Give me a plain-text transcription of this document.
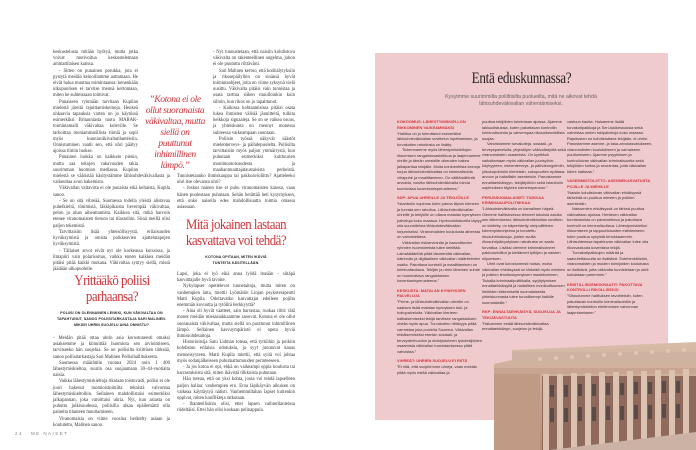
keskustelusta mitään hyötyä, mutta jotka voivat motivoitua keskustelemaan ammattilaisen kanssa.

- Sitten on punainen porukka, jota ei pystytä meidän keinoillamme auttamaan. He eivät halua muuttaa toimintaansa: kenenkään ulkopuolisen ei tarvitse mennä kertomaan, miten he suhteissaan toimivat.

Punaiseen ryhmään tarvitaan Kupilan mielestä järeitä rajoittamiskeinoja. Henkeä uhkaavia tapauksia varten on jo käytössä esimerkiksi Britanniasta tuotu MARAK-toimintamalli väkivaltaa koleville. Se tarkoittaa moniammatillista tiimiä ja sopii myös kunniaväkivaltatilanteisiin. Onnistuminen vaatii sen, että uhri päätyy ajoissa tiimin luokse.

Punainen luokka on kaikkein pienin, mutta saa tekojen vakavuuden takia suurimman huomion mediassa. Kupilan mielestä se vääristää käsitystämme lähisuhdeväkivallasta ja vaikeuttaa avun hakemista.

Väkivallan valtavirta ei ole punaista eikä keltaista, Kupila sanoo.

- Se on sitä vihreää, Suomessa todella yleistä alistavaa puhelkieltä, tönimistä, läkkipikaista lievempää väkivaltaa, pelon ja uhan aiheuttamista. Kaikkea sitä, mikä harvoin etenee viranomaisten tietoon tai tilastoihin. Siinä meillä olisi paljon tekemistä.

Tarvittaisiin lisää yhteisöllisyyttä, erilaisuuden hyväksymistä ja omista poikkeavien ajattelutapojen hyväksymistä.

- Tällaiset arvot eivät nyt ole korkeassa kurssissa, ja ilmapiiri vain polarisoituu, vaikka ennen kaikkea meidän pitäisi pitää kaikki mukana. Väkivaltaa syntyy siellä, missä jäädään ulkopuolelle.

- Nyt tunnustetaan, että naisiin kohdistuva väkivalta on rakenteellinen ongelma, johon ei ole puututtu riittävästi.

Sari Malinen kertoo, että kotihälytyksiin ja rikosepäilyihin on sinänsä hyvät toimintaohjeet, joita on viime syksynä vielä uusittu. Väkivalta pitäisi vain tunnistaa ja osata tarttua siihen muulloinkin kuin silloin, kun rikos on jo tapahtunut.

- Kaikissa kohtaamisissa pitäisi osata lukea ihmisten välisiä jännitteitä, tulkita heikkoja signaaleja. Se on se vaikea osuus, ja yhteiskunta on mennyt monessa suhteessa vaikeampaan suuntaan.

Poliisin työssä näkyvät säästöt mielenterveys- ja päihdepuolelta. Poliisilta tarvittaisiin myös paljon ymmärrystä, kun puhutaan esimerkiksi kulttuurien monimuotoisuudesta ja maahanmuuttajataustaisista perheistä. Tunnistetaanko ihmiskauppa tai pakkoavioliitto? Ajatteleeko uhri itse olevansa uhri?

- Joskus nainen itse ei puhu viranomaisten kanssa, vaan hänen puolestaan puhutaan. Sehän herättää heti kysymyksen, että onko naisella edes mahdollisuutta toimia omassa asiassaan.

”Kotona ei ole ollut suoranaista väkivaltaa, mutta siellä on puuttunut inhimillinen lämpö.”
Mitä jokainen lastaan kasvattava voi tehdä?
KOTONA OPITAAN, MITEN IKÄVIÄ TUNTEITA KÄSITELLÄÄN.

Lapsi, joka ei lyö eikä anna lyödä itseään - siitäpä kasvattajalle hyvä tavoite.

Nykylapset opettelevat tunnetaitoja, mutta miten on vanhempien laita, miettii Lyömätön Linjan psykoterapeutti Matti Kupila. Odottavatko kasvattajat edelleen pojilta enemmän kovuutta ja tytöiltä herkkyyttä?

- Aina oli hyvät vaatteet, sain harrastaa, ruokaa riitti: tätä monet meidän miesasiakkaamme sanovat. Kotona ei ole ollut suoranaista väkivaltaa, mutta siellä on puuttunut inhimillinen lämpö. Sellainen kasvuympäristö ei opeta hyviä ihmissuhdetaitoja.

Historioitsija Satu Lidman toteaa, että tyttöihin ja poikiin kohdistuu erilaisia odotuksia, ja syyt juontuvat kauas menneisyyteen. Matti Kupila miettii, että syitä voi johtaa myös sodanjälkeiseen puhumattomuuden perinteeseen.

- Ja jos kotoa ei opi, ehkä on vaikeampi oppia koulusta tai harrastuksista sitä, miten ikävistä tilkkoista puhutaan.

Hän toteaa, että on yksi kohta, jossa voi tehdä lapselleen paljon hallaa: vanhempien ero. Eroa läpikäyvän aikuisen on vaikeaa käyttäytyä nätisti. Vanhemmiltahan lapset kuitenkin oppivat, miten konflikteja ratkotaan.

- Ihanteellisinta olisi, ettei lapsen vaihtotilanteissa riideltäisi. Ettei hän olisi koskaan pelinappula.

Yrittääkö poliisi parhaansa?
POLIISI ON OLENNAINEN LENKKI, KUN VÄKIVALTAA ON TAPAHTUNUT, SANOO POLIISITARKASTAJA SARI MALINEN. MIKSEI UHRIN SUOJELU AINA ONNISTU?

- Meidän pitää ottaa uhrin asia korostuneesti omaksi asiaksemme ja kiinnittää huomiota sen arvioimiseen, tarvitseeko hän suojelua. Se on poliisilta kriittisen tärkeää, sanoo poliisitarkastaja Sari Malinen Poliisihallituksesta.

Suomessa määrättiin vuonna 2024 noin 1 400 lähestymiskieltoa, suurin osa suojaamaan 30–44-vuotiaita naisia.

Vaikka lähestymiskieltoja rikotaan toistuvasti, poliisi ei ole juuri hakenut tuomioistuimilta teknistä valvontaa lähestymiskieltoihin. Sellainen mahdollistaisi esimerkiksi jalkapannan, joka varoittaisi uhria. Nyt, kun asiasta on puhuttu julkisuudessa, poliisilla alkaa epäilemättä olla paineita tilanteen muuttamiseen.

Viranomaisia on viime vuosina herätelty asiaan ja koulutettu, Malinen sanoo.

24 ME NAISET
Entä eduskunnassa?
Kysyimme suurimmilta poliittisilta puolueilta, mitä ne aikovat tehdä lähisuhdeväkivallan vähentämiseksi.
KOKOOMUS: LÄHESTYMISKIELLON RIKKOMINEN VAIKEAMMAKSI

”Hallitus on jo toteuttanut esimerkiksi lähisuhdeväkivallan sovittelun lopettamisen, ja turvakotien rahoitusta on lisätty.

Tiukennamme myös lähestymiskieltojen rikkomisen rangaistusasteikkoa ja laajennamme uhrille ja tämän omaisille oikeuden hakea jalkapantaa tekijälle. Muita konkreettisia keinoja torjua lähisuhdeväkivaltaa on kriminalisoida vihapuhe ja maalittaminen. On välttämätöntä arvioida, voisiko lähisuhdeväkivalta toimia tuomioissa koventamisperusteena.”

SDP: APUA UHREILLE JA TEKIJÖILLE

”Istanbulin sopimus tulee panna täysin toimeen ja turvata sen rahoitus. Lähisuhdeväkivallan uhreille ja tekijöille on oltava matalan kynnyksen palveluja koko maassa. Hyvinvointialueilla täytyy olla suunnitelma lähisuhdeväkivallan torjumiseksi. Viranomaisten koulutusta aiheesta on vahvistettava.

Väkivallan riskiarviointia ja haavoittuvien ryhmien huomioimista tulee kehittää. Lainsäädäntöä pitää täsmentää väkivallan, häirinnän ja digitaalisen väkivallan määritelmien osalta. Pakottava kontrolli ja maalittaminen on kriminalisoitava. Tekijän ja uhrin läheinen suhde on huomioitava rangaistuksen koventamisperusteena.”

KESKUSTA: MATALAN KYNNYKSEN PALVELUJA

”Perhe- ja lähisuhdeväkivallan uhreille on saatava lisää matalan kynnyksen tuki- ja hoitopalveluita. Väkivallan kierteen katkaisemiseksi tekijä tarvitsee rangaistuksen ohella myös apua. Turvakotien riittävyys pitää varmistaa joka puolella Suomea. Väkivallan ehkäisemiseksi etenkin sosiaali- ja terveydenhuollon ja sivistystoimen työntekijöiden osaamista väkivallan tunnistamisessa pitää vahvistaa.”

VIHREÄT: UHRIEN SUOJELU EI RIITÄ

”Ei riitä, että suojelemme uhreja, vaan meidän pitää myös estää väkivaltaa ja

puuttua tekijöiden toimintaan ajoissa. Ajamme lakiuudistuksia, kuten pakottavan kontrollin kriminalisointia ja vahvempaa rikosoikeudellista suojaa.

Vahvistamme turvakoteja, sosiaali- ja terveyspalveluita, järjestöjen väkivaltatyötä sekä viranomaisten osaamista. On kyettävä vaikuttamaan myös väkivallan juurisyihin: köyhyyteen, mielenterveys- ja päihdeongelmiin, ylisukupolvisiin kierteisiin, sukupuolten epätasa-arvoon ja haitallisiin asenteisiin. Panostamme ennaltaehkäisyyn, tekijätyöhön sekä Istanbulin sopimuksen täyteen toimeenpanoon.”

PERUSSUOMALAISET: TIUKKAA KRIMINAALIPOLITIIKKAA

”Lähisuhdeväkivalta on kamalinen häpeä. Olemme hallituksessa tehneet tukuisia asioita sen kitkemiseksi; lähisuhdeväkivallan sovittelu on kielletty, on käynnistetty uhripoliittinen toimenpideohjelma ja korotettu rikosuhrimaksuja, joiden avulla rikosuhripäivystyksen rahoitusta on saatu turvattua. Lisäksi olemme kriminalisoineet pakkoavioliitot ja kieltäneet tyttöjen ja naisten silpomisen.

Uhrit ovat korostuneesti naisia, mutta väkivallan ehkäisyssä on tärkeää myös miesten ja poikien ilmoituskynnyksen madaltuminen. Tiukalla kriminaalipolitiikalla, syrjäytymisen ennaltaehkäisyllä ja haitallisen monikulttuurisen ilmiöiden kitkemisellä suomalaisesta yhteiskunnasta tulee turvallisempi kaikille suomalaisille.”

RKP: ENNALTAEHKÄISYÄ, SUOJELUA JA TEKIJÄVASTUUTA

”Haluamme estää lähisuhdeväkivaltaa ennaltaehkäisyn, suojelun ja tekijä-

vastuun kautta. Haluamme lisätä turvakotipaikkoja ja Seri-tukikeskuksia sekä vahvistaa uhrien tukipalveluja koko maassa. Rajoitusten on kohdistuttava tekijään, ei uhriin. Panostamme asenne- ja tasa-arvokasvatukseen, viranomaisten koulutukseen ja varhaiseen puuttumiseen. Ajamme psyykkisen ja kontrolloivan väkivallan kriminalisointia sekä tekijöiden hoitoa ja seurantaa, jotta väkivallan kierre katkeaa.”

VASEMMISTOLIITTO: ASENNEKASVATUSTA POJILLE JA MIEHILLE

”Naisiin kohdistuvan väkivallan ehkäisyssä tärkeintä on puuttua miesten ja poikien asenteisiin.

Naisurmien ehkäisyssä on tärkeä puuttua väkivaltaan ajoissa. Henkisen väkivallan tunnistamista on parannettava ja pakottava kontrolli on kriminalisoitava. Lähestymiskiellon rikkomiseen ja tappouhkausten esittämiseen tulee puuttua nykyistä tehokkaammin. Lähisuhteessa tapahtuvan väkivallan tulee olla rikosvastuuta koventava tekijä.

Turvakotipaikkojen määrää ja saavutettavuutta on lisättävä. Sotehenkilöstön, viranomaisten ja muiden toimijoiden koulutusta on lisättävä, jotta väkivalta tunnistetaan ja uhrit kohdataan paremmin.”

KRISTILLISDEMOKRAATIT: PAKOTTAVA KONTROLLI RIKOLLISEKSI

”Sitoudumme hallituksen tavoitteisiin, kuten pakottavan kontrollin kriminalisointiin ja lähestymiskiellon elektronisen valvonnan laajentamiseen.”
